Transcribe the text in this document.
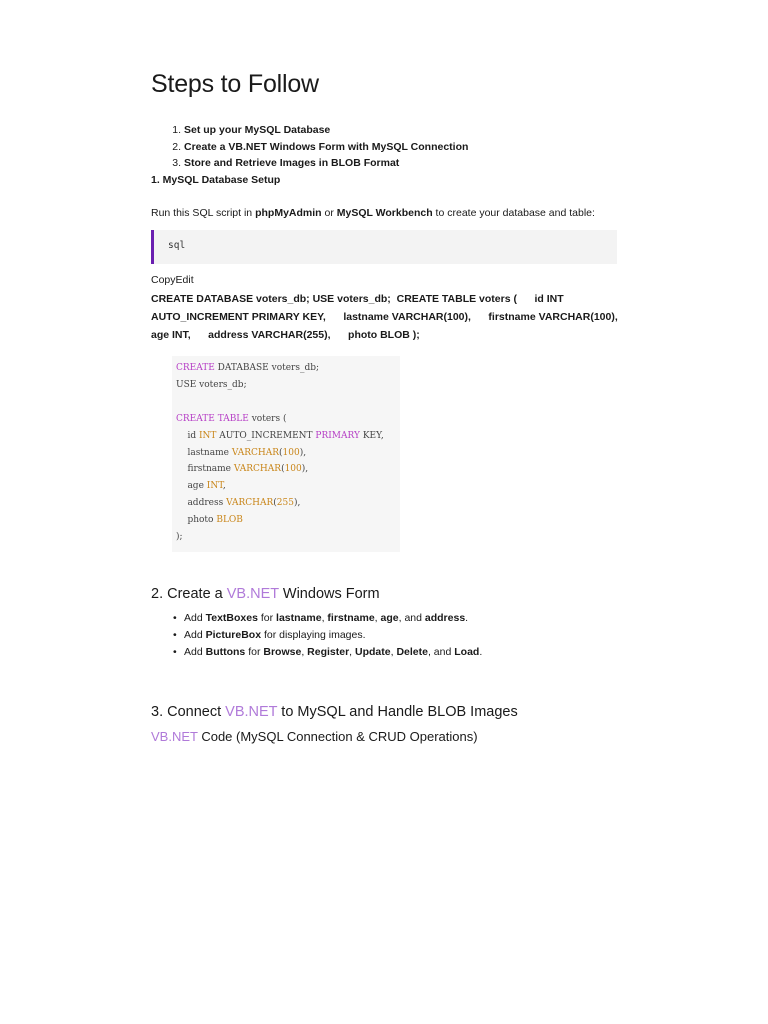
Steps to Follow
1. Set up your MySQL Database
2. Create a VB.NET Windows Form with MySQL Connection
3. Store and Retrieve Images in BLOB Format
1. MySQL Database Setup

Run this SQL script in phpMyAdmin or MySQL Workbench to create your database and table:

sql

CopyEdit

CREATE DATABASE voters_db; USE voters_db;  CREATE TABLE voters (      id INT AUTO_INCREMENT PRIMARY KEY,      lastname VARCHAR(100),      firstname VARCHAR(100),      age INT,      address VARCHAR(255),      photo BLOB );

CREATE DATABASE voters_db;
USE voters_db;

CREATE TABLE voters (
id INT AUTO_INCREMENT PRIMARY KEY,
lastname VARCHAR(100),
firstname VARCHAR(100),
age INT,
address VARCHAR(255),
photo BLOB
);
2. Create a VB.NET Windows Form
• Add TextBoxes for lastname, firstname, age, and address.
• Add PictureBox for displaying images.
• Add Buttons for Browse, Register, Update, Delete, and Load.
3. Connect VB.NET to MySQL and Handle BLOB Images

VB.NET Code (MySQL Connection & CRUD Operations)
